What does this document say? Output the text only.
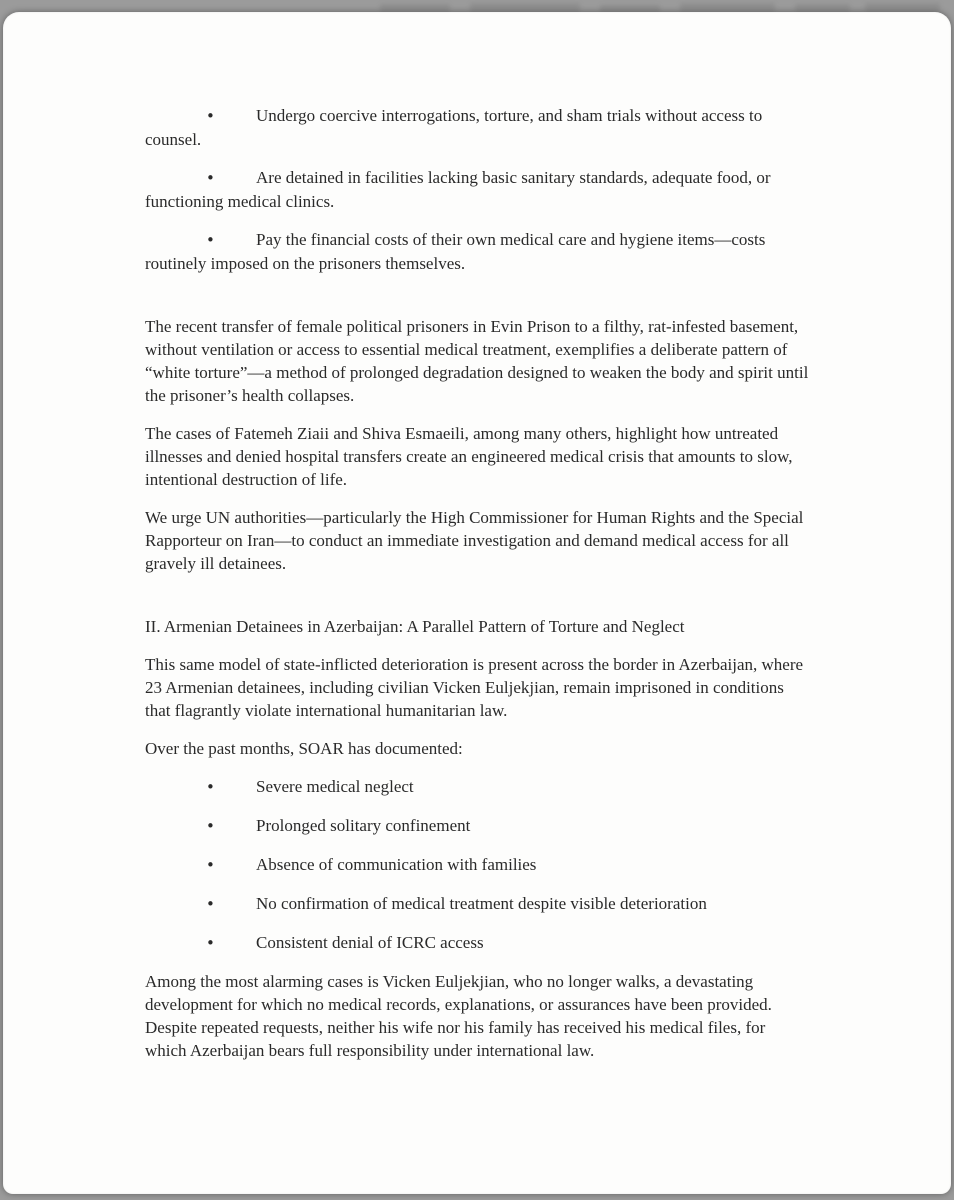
• Undergo coercive interrogations, torture, and sham trials without access to counsel.

• Are detained in facilities lacking basic sanitary standards, adequate food, or functioning medical clinics.

• Pay the financial costs of their own medical care and hygiene items—costs routinely imposed on the prisoners themselves.

The recent transfer of female political prisoners in Evin Prison to a filthy, rat-infested basement, without ventilation or access to essential medical treatment, exemplifies a deliberate pattern of “white torture”—a method of prolonged degradation designed to weaken the body and spirit until the prisoner’s health collapses.

The cases of Fatemeh Ziaii and Shiva Esmaeili, among many others, highlight how untreated illnesses and denied hospital transfers create an engineered medical crisis that amounts to slow, intentional destruction of life.

We urge UN authorities—particularly the High Commissioner for Human Rights and the Special Rapporteur on Iran—to conduct an immediate investigation and demand medical access for all gravely ill detainees.

II. Armenian Detainees in Azerbaijan: A Parallel Pattern of Torture and Neglect

This same model of state-inflicted deterioration is present across the border in Azerbaijan, where 23 Armenian detainees, including civilian Vicken Euljekjian, remain imprisoned in conditions that flagrantly violate international humanitarian law.

Over the past months, SOAR has documented:

• Severe medical neglect

• Prolonged solitary confinement

• Absence of communication with families

• No confirmation of medical treatment despite visible deterioration

• Consistent denial of ICRC access

Among the most alarming cases is Vicken Euljekjian, who no longer walks, a devastating development for which no medical records, explanations, or assurances have been provided. Despite repeated requests, neither his wife nor his family has received his medical files, for which Azerbaijan bears full responsibility under international law.
